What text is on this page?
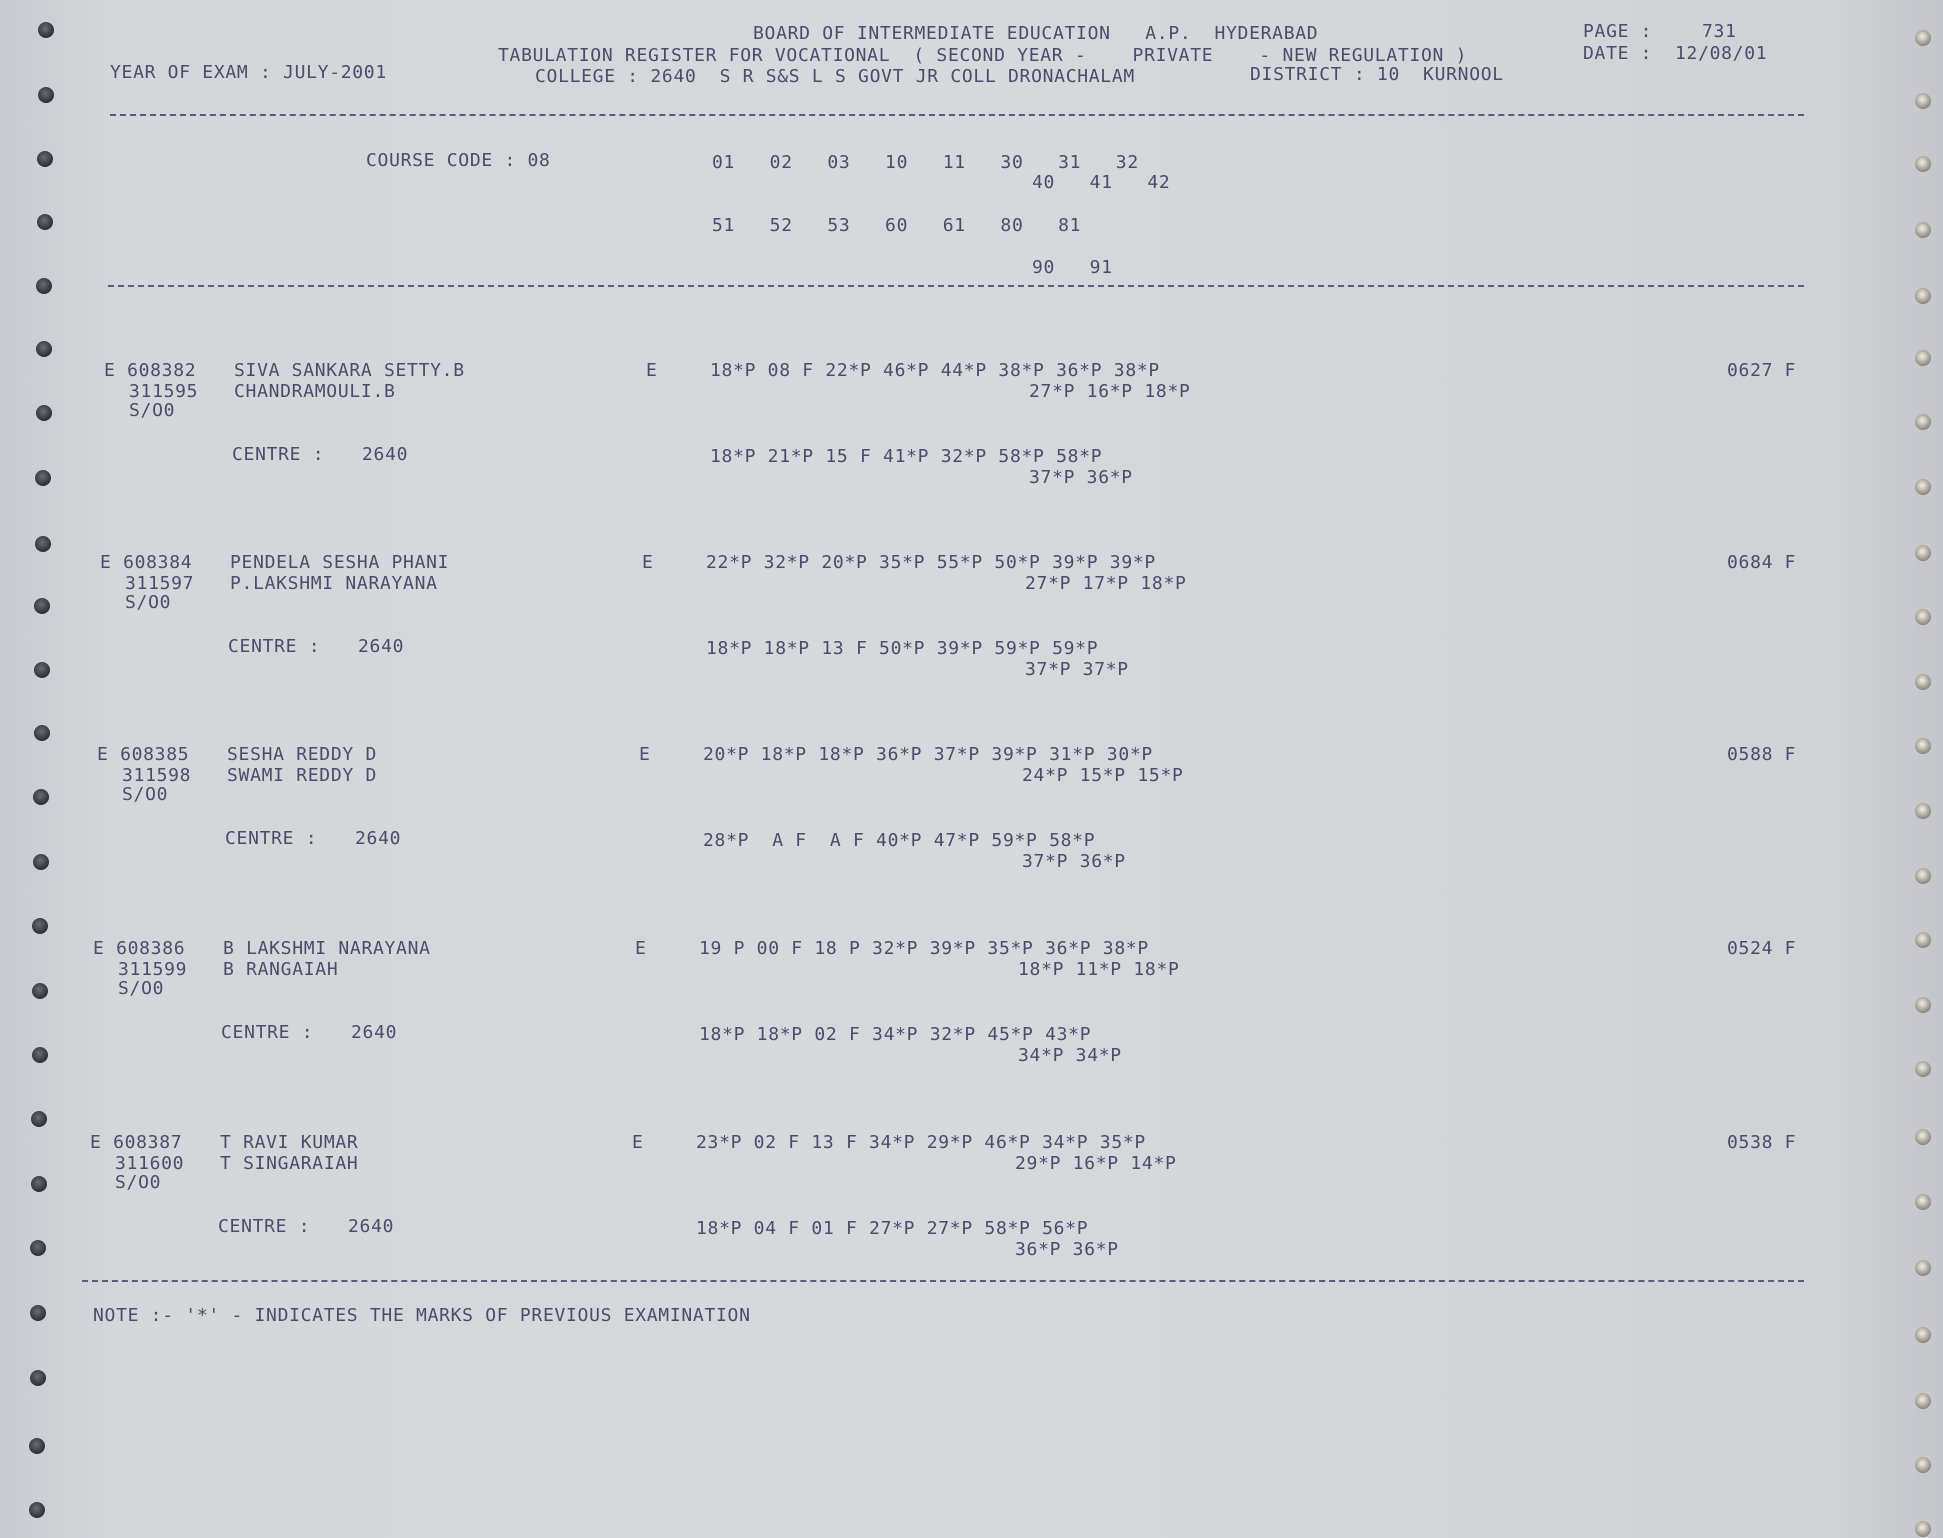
BOARD OF INTERMEDIATE EDUCATION   A.P.  HYDERABAD	PAGE :	731
TABULATION REGISTER FOR VOCATIONAL  ( SECOND YEAR -    PRIVATE    - NEW REGULATION )	DATE : 12/08/01
YEAR OF EXAM : JULY-2001	COLLEGE : 2640  S R S&S L S GOVT JR COLL DRONACHALAM	DISTRICT : 10  KURNOOL
COURSE CODE : 08	01   02   03   10   11   30   31   32
40   41   42
51   52   53   60   61   80   81
90   91
E 608382 SIVA SANKARA SETTY.B	E	18*P 08 F 22*P 46*P 44*P 38*P 36*P 38*P	0627 F
311595 CHANDRAMOULI.B	27*P 16*P 18*P
S/O0
CENTRE : 2640	18*P 21*P 15 F 41*P 32*P 58*P 58*P
37*P 36*P
E 608384 PENDELA SESHA PHANI	E	22*P 32*P 20*P 35*P 55*P 50*P 39*P 39*P	0684 F
311597 P.LAKSHMI NARAYANA	27*P 17*P 18*P
S/O0
CENTRE : 2640	18*P 18*P 13 F 50*P 39*P 59*P 59*P
37*P 37*P
E 608385 SESHA REDDY D	E	20*P 18*P 18*P 36*P 37*P 39*P 31*P 30*P	0588 F
311598 SWAMI REDDY D	24*P 15*P 15*P
S/O0
CENTRE : 2640	28*P  A F  A F 40*P 47*P 59*P 58*P
37*P 36*P
E 608386 B LAKSHMI NARAYANA	E	19 P 00 F 18 P 32*P 39*P 35*P 36*P 38*P	0524 F
311599 B RANGAIAH	18*P 11*P 18*P
S/O0
CENTRE : 2640	18*P 18*P 02 F 34*P 32*P 45*P 43*P
34*P 34*P
E 608387 T RAVI KUMAR	E	23*P 02 F 13 F 34*P 29*P 46*P 34*P 35*P	0538 F
311600 T SINGARAIAH	29*P 16*P 14*P
S/O0
CENTRE : 2640	18*P 04 F 01 F 27*P 27*P 58*P 56*P
36*P 36*P
NOTE :- '*' - INDICATES THE MARKS OF PREVIOUS EXAMINATION
